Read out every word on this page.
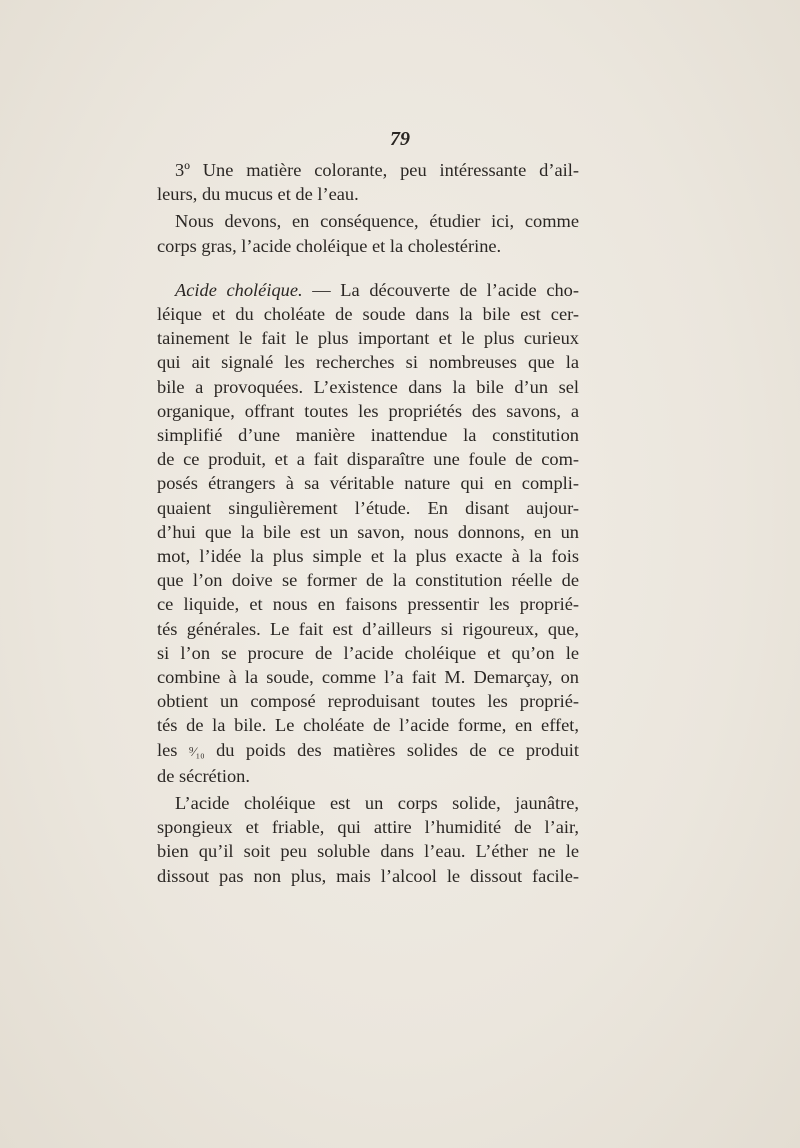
79
3º Une matière colorante, peu intéressante d’ail-
leurs, du mucus et de l’eau.
Nous devons, en conséquence, étudier ici, comme
corps gras, l’acide choléique et la cholestérine.
Acide choléique. — La découverte de l’acide cho-
léique et du choléate de soude dans la bile est cer-
tainement le fait le plus important et le plus curieux
qui ait signalé les recherches si nombreuses que la
bile a provoquées. L’existence dans la bile d’un sel
organique, offrant toutes les propriétés des savons, a
simplifié d’une manière inattendue la constitution
de ce produit, et a fait disparaître une foule de com-
posés étrangers à sa véritable nature qui en compli-
quaient singulièrement l’étude. En disant aujour-
d’hui que la bile est un savon, nous donnons, en un
mot, l’idée la plus simple et la plus exacte à la fois
que l’on doive se former de la constitution réelle de
ce liquide, et nous en faisons pressentir les proprié-
tés générales. Le fait est d’ailleurs si rigoureux, que,
si l’on se procure de l’acide choléique et qu’on le
combine à la soude, comme l’a fait M. Demarçay, on
obtient un composé reproduisant toutes les proprié-
tés de la bile. Le choléate de l’acide forme, en effet,
les ⁹⁄₁₀ du poids des matières solides de ce produit
de sécrétion.
L’acide choléique est un corps solide, jaunâtre,
spongieux et friable, qui attire l’humidité de l’air,
bien qu’il soit peu soluble dans l’eau. L’éther ne le
dissout pas non plus, mais l’alcool le dissout facile-
